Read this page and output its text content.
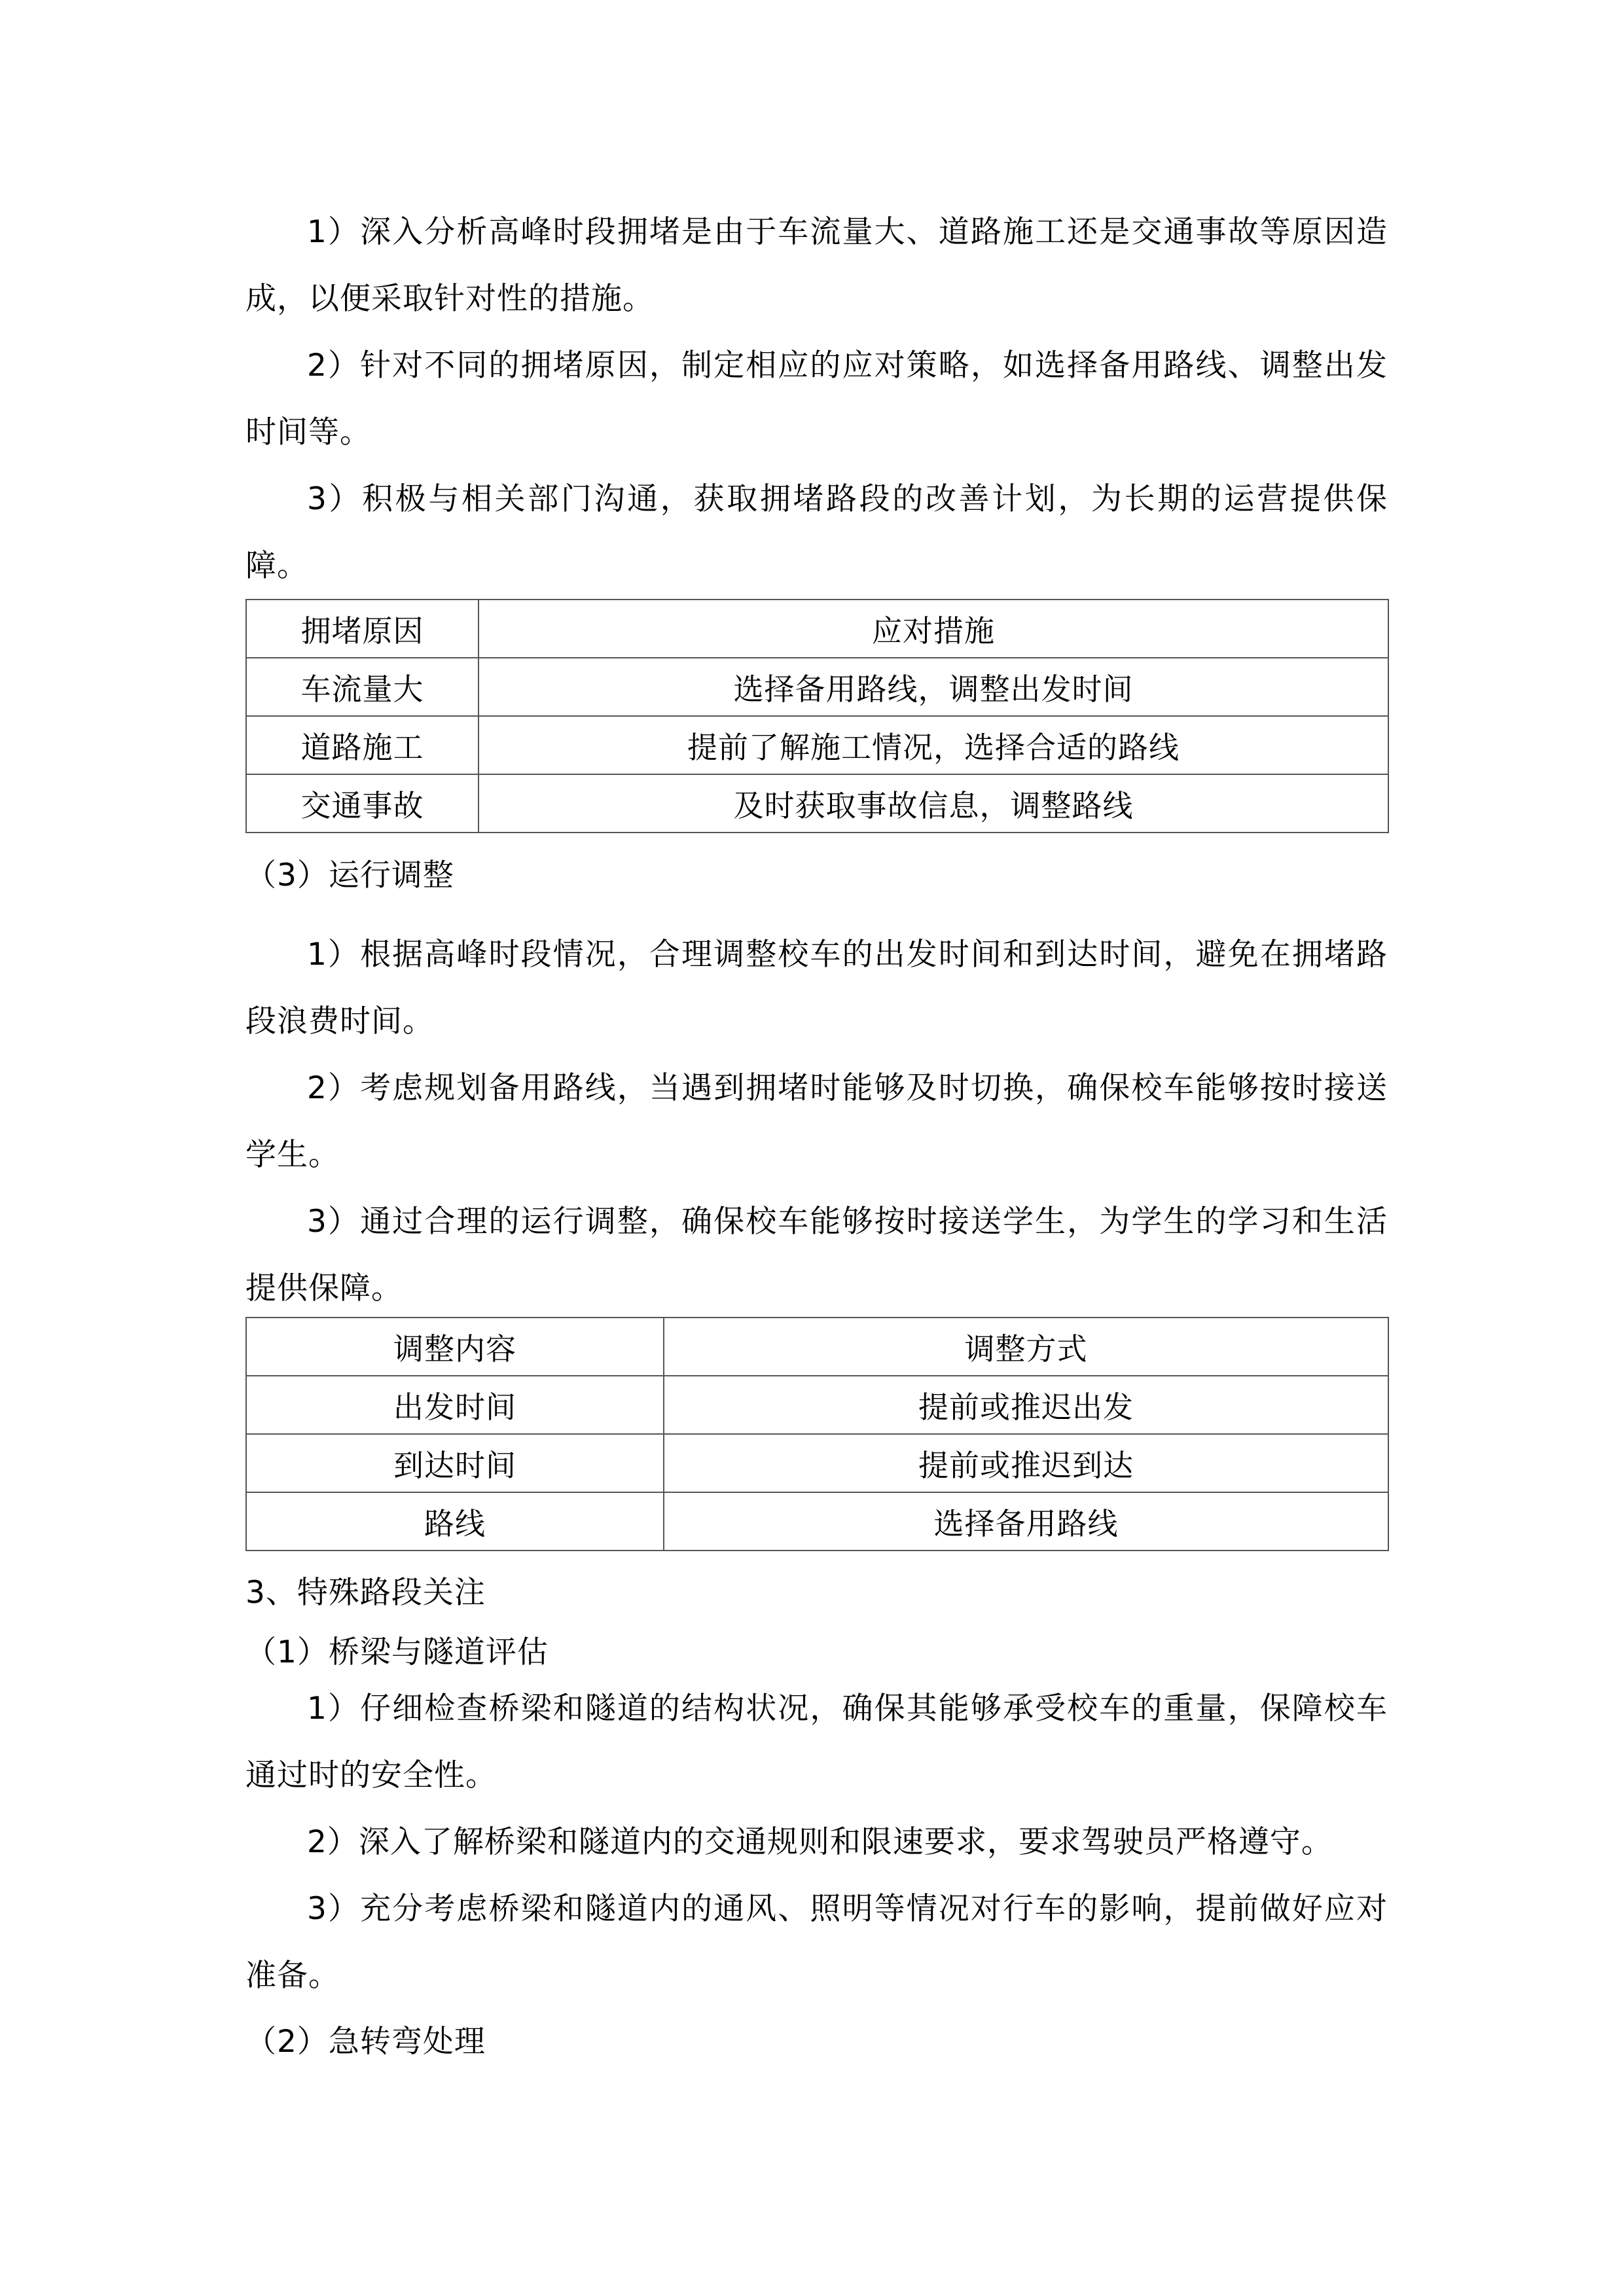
1）深入分析高峰时段拥堵是由于车流量大、道路施工还是交通事故等原因造成，以便采取针对性的措施。

2）针对不同的拥堵原因，制定相应的应对策略，如选择备用路线、调整出发时间等。

3）积极与相关部门沟通，获取拥堵路段的改善计划，为长期的运营提供保障。

拥堵原因	应对措施
车流量大	选择备用路线，调整出发时间
道路施工	提前了解施工情况，选择合适的路线
交通事故	及时获取事故信息，调整路线
（3）运行调整

1）根据高峰时段情况，合理调整校车的出发时间和到达时间，避免在拥堵路段浪费时间。

2）考虑规划备用路线，当遇到拥堵时能够及时切换，确保校车能够按时接送学生。

3）通过合理的运行调整，确保校车能够按时接送学生，为学生的学习和生活提供保障。

调整内容	调整方式
出发时间	提前或推迟出发
到达时间	提前或推迟到达
路线	选择备用路线
3、特殊路段关注
（1）桥梁与隧道评估

1）仔细检查桥梁和隧道的结构状况，确保其能够承受校车的重量，保障校车通过时的安全性。

2）深入了解桥梁和隧道内的交通规则和限速要求，要求驾驶员严格遵守。

3）充分考虑桥梁和隧道内的通风、照明等情况对行车的影响，提前做好应对准备。

（2）急转弯处理
